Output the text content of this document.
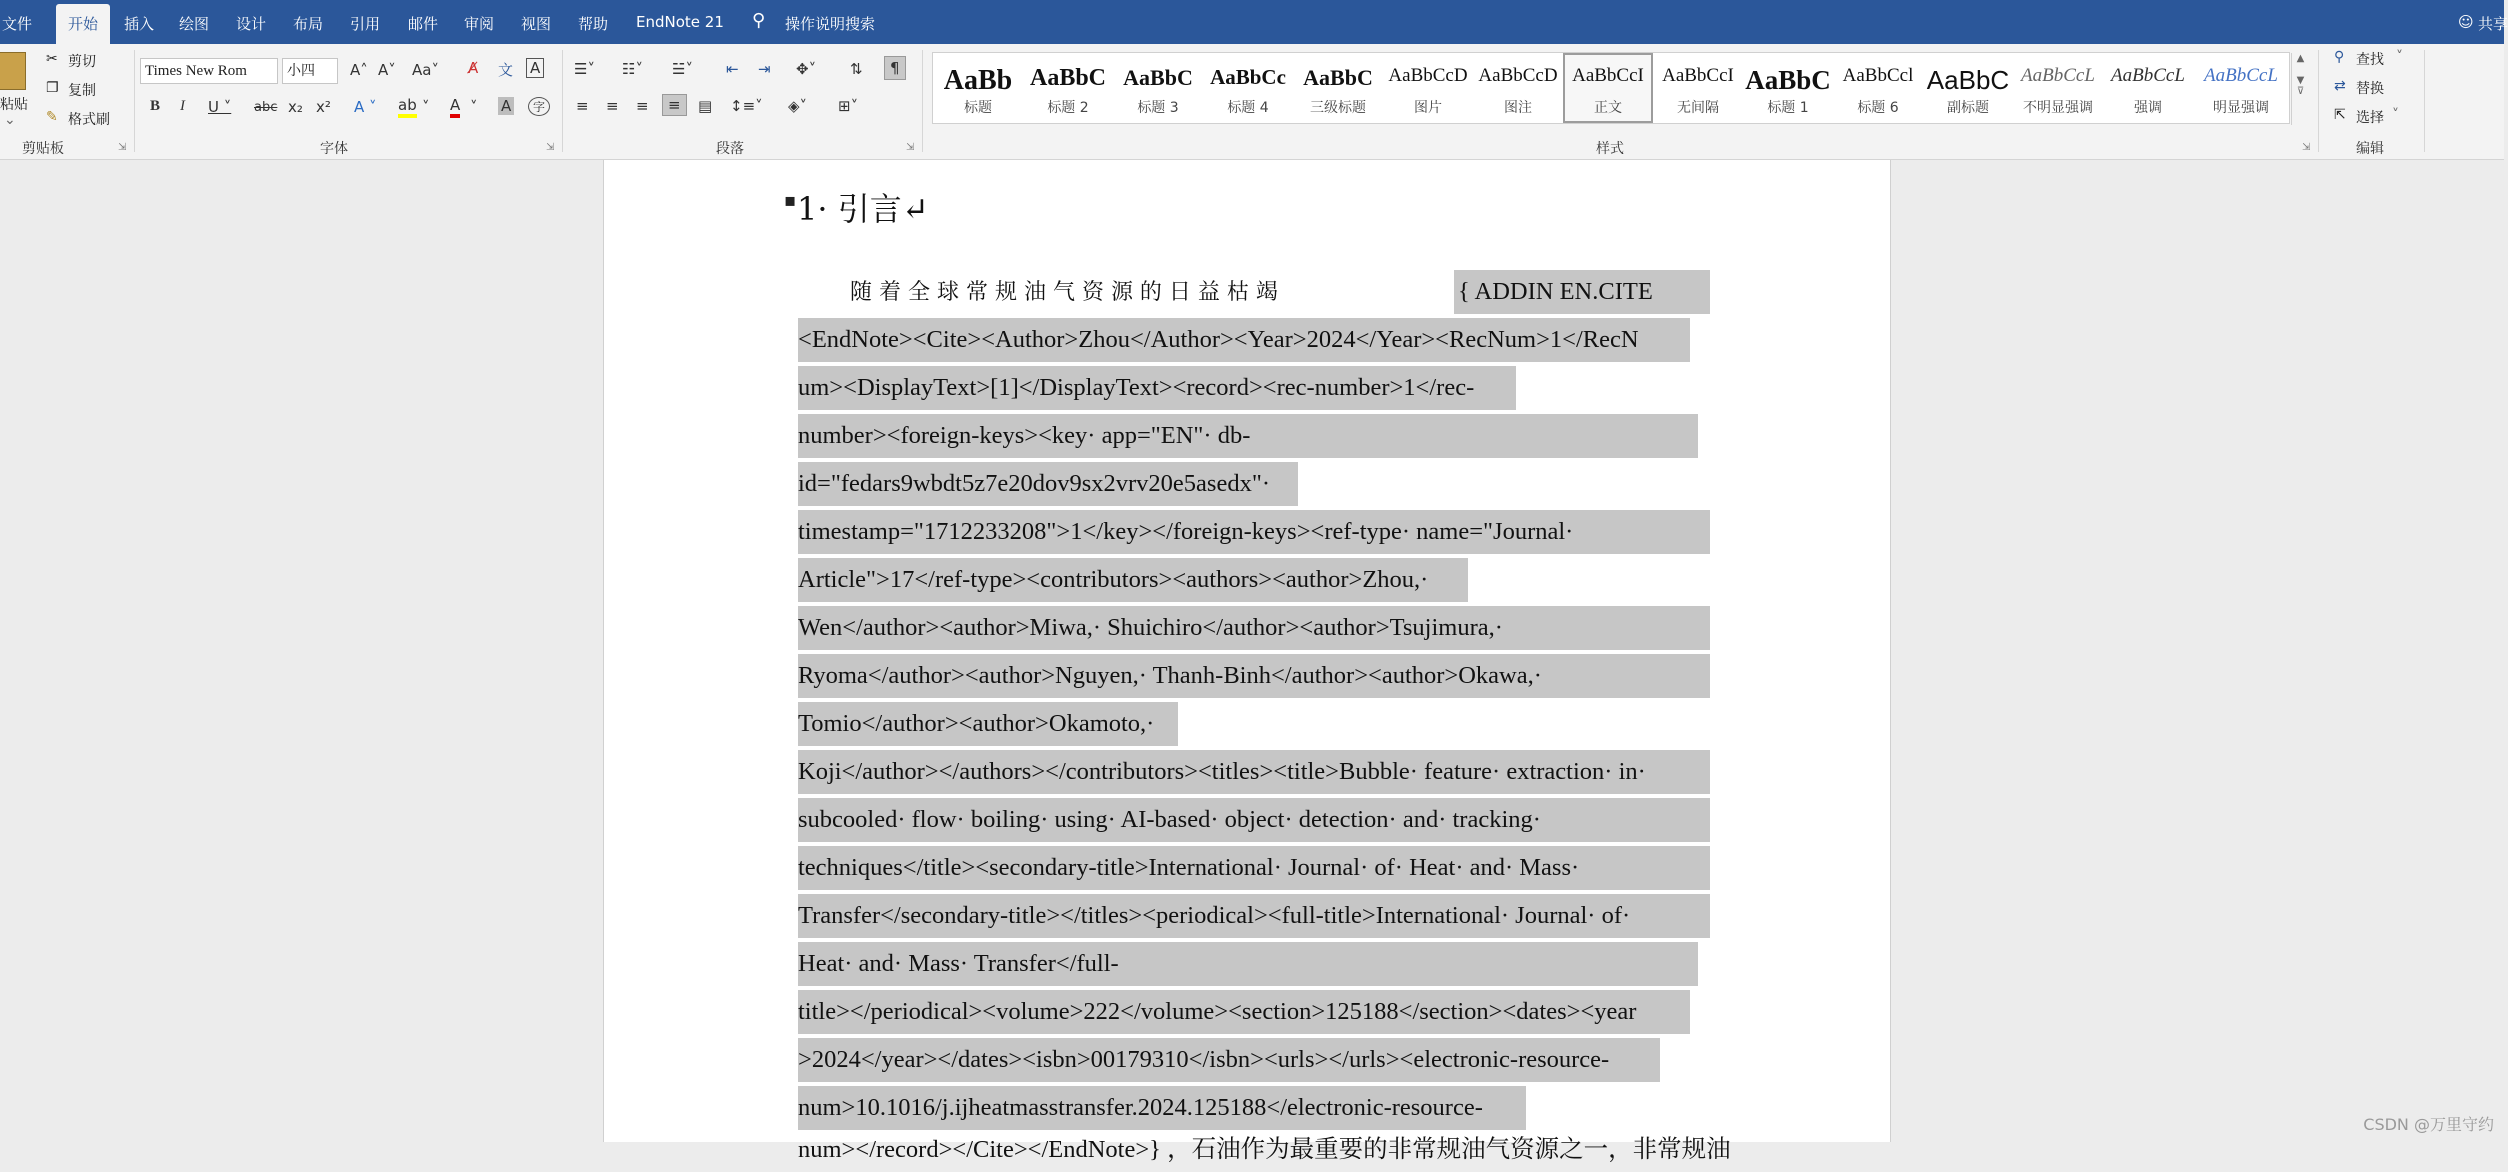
文件	开始	插入 绘图 设计 布局 引用 邮件 审阅 视图 帮助 EndNote 21 ⚲ 操作说明搜索	☺ 共享
粘贴
⌄
✂ 剪切
❐ 复制
✎ 格式刷
剪贴板	⇲
Times New Rom	小四	A˄ A˅ Aa˅ A̸ 文 A
B I U ˅ abc x₂ x² A ˅ ab ˅ A ˅ A	字
字体	⇲
☰˅ ☷˅ ☱˅ ⇤ ⇥ ✥˅ ⇅	¶
≡ ≡ ≡	≡	▤ ↕≡˅ ◈˅ ⊞˅
段落	⇲
AaBb
标题
AaBbC
标题 2
AaBbC
标题 3
AaBbCc
标题 4
AaBbC
三级标题
AaBbCcD
图片
AaBbCcD
图注
AaBbCcI
正文
AaBbCcI
无间隔
AaBbC
标题 1
AaBbCcl
标题 6
AaBbC
副标题
AaBbCcL
不明显强调
AaBbCcL
强调
AaBbCcL
明显强调
▲

▼
⊽
样式	⇲
⚲ 查找 ˅
⇄ 替换
⇱ 选择 ˅
编辑
▪ 1· 引言↵
随 着 全 球 常 规 油 气 资 源 的 日 益 枯 竭	{ ADDIN EN.CITE
<EndNote><Cite><Author>Zhou</Author><Year>2024</Year><RecNum>1</RecN
um><DisplayText>[1]</DisplayText><record><rec-number>1</rec-
number><foreign-keys><key· app="EN"· db-
id="fedars9wbdt5z7e20dov9sx2vrv20e5asedx"·
timestamp="1712233208">1</key></foreign-keys><ref-type· name="Journal·
Article">17</ref-type><contributors><authors><author>Zhou,·
Wen</author><author>Miwa,· Shuichiro</author><author>Tsujimura,·
Ryoma</author><author>Nguyen,· Thanh-Binh</author><author>Okawa,·
Tomio</author><author>Okamoto,·
Koji</author></authors></contributors><titles><title>Bubble· feature· extraction· in·
subcooled· flow· boiling· using· AI-based· object· detection· and· tracking·
techniques</title><secondary-title>International· Journal· of· Heat· and· Mass·
Transfer</secondary-title></titles><periodical><full-title>International· Journal· of·
Heat· and· Mass· Transfer</full-
title></periodical><volume>222</volume><section>125188</section><dates><year
>2024</year></dates><isbn>00179310</isbn><urls></urls><electronic-resource-
num>10.1016/j.ijheatmasstransfer.2024.125188</electronic-resource-
num></record></Cite></EndNote>} ，石油作为最重要的非常规油气资源之一，非常规油
CSDN @万里守约
